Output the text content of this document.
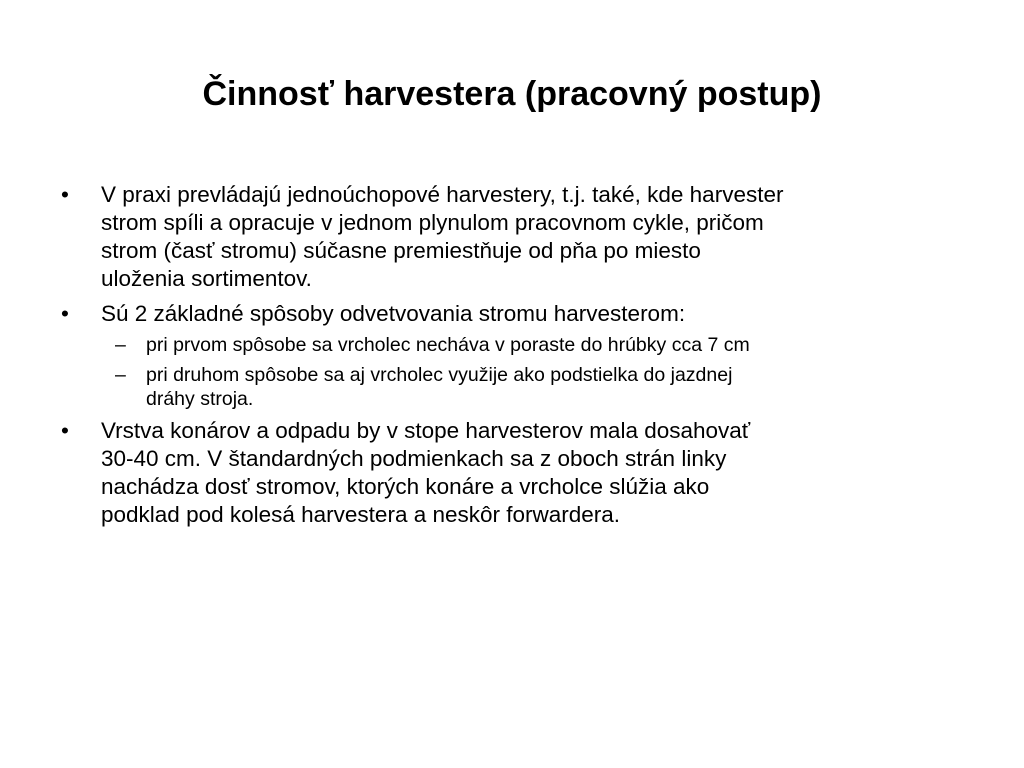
Činnosť harvestera (pracovný postup)
• V praxi prevládajú jednoúchopové harvestery, t.j. také, kde harvester
strom spíli a opracuje v jednom plynulom pracovnom cykle, pričom
strom (časť stromu) súčasne premiestňuje od pňa po miesto
uloženia sortimentov.
• Sú 2 základné spôsoby odvetvovania stromu harvesterom:
– pri prvom spôsobe sa vrcholec necháva v poraste do hrúbky cca 7 cm
– pri druhom spôsobe sa aj vrcholec využije ako podstielka do jazdnej
dráhy stroja.
• Vrstva konárov a odpadu by v stope harvesterov mala dosahovať
30-40 cm. V štandardných podmienkach sa z oboch strán linky
nachádza dosť stromov, ktorých konáre a vrcholce slúžia ako
podklad pod kolesá harvestera a neskôr forwardera.
